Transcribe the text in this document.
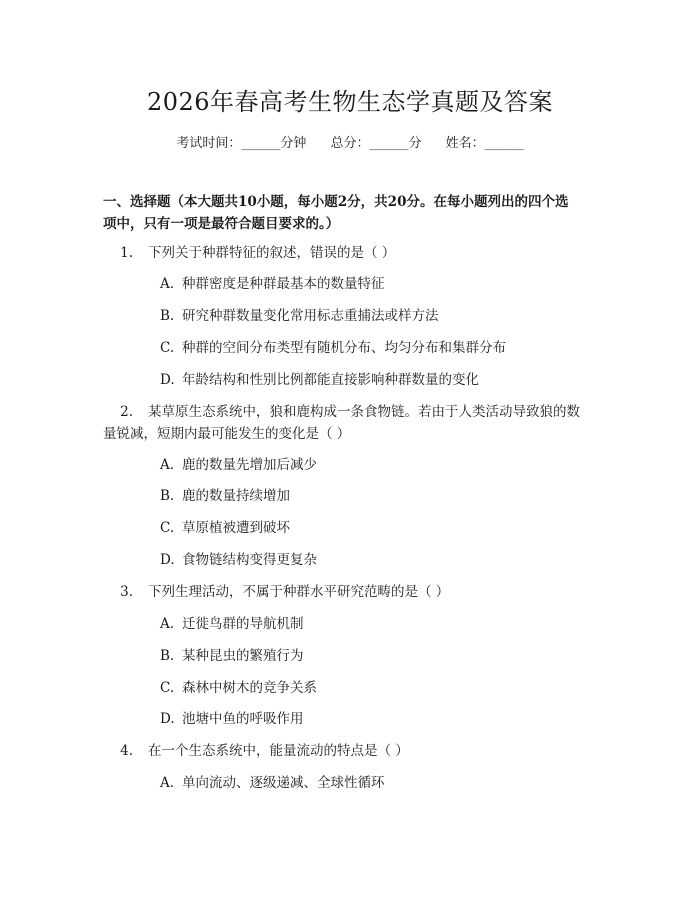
2026年春高考生物生态学真题及答案
考试时间：______分钟 总分：______分 姓名：______
一、选择题（本大题共10小题，每小题2分，共20分。在每小题列出的四个选
项中，只有一项是最符合题目要求的。）
1. 下列关于种群特征的叙述，错误的是（ ）
A. 种群密度是种群最基本的数量特征
B. 研究种群数量变化常用标志重捕法或样方法
C. 种群的空间分布类型有随机分布、均匀分布和集群分布
D. 年龄结构和性别比例都能直接影响种群数量的变化
2. 某草原生态系统中，狼和鹿构成一条食物链。若由于人类活动导致狼的数
量锐减，短期内最可能发生的变化是（ ）
A. 鹿的数量先增加后减少
B. 鹿的数量持续增加
C. 草原植被遭到破坏
D. 食物链结构变得更复杂
3. 下列生理活动，不属于种群水平研究范畴的是（ ）
A. 迁徙鸟群的导航机制
B. 某种昆虫的繁殖行为
C. 森林中树木的竞争关系
D. 池塘中鱼的呼吸作用
4. 在一个生态系统中，能量流动的特点是（ ）
A. 单向流动、逐级递减、全球性循环
